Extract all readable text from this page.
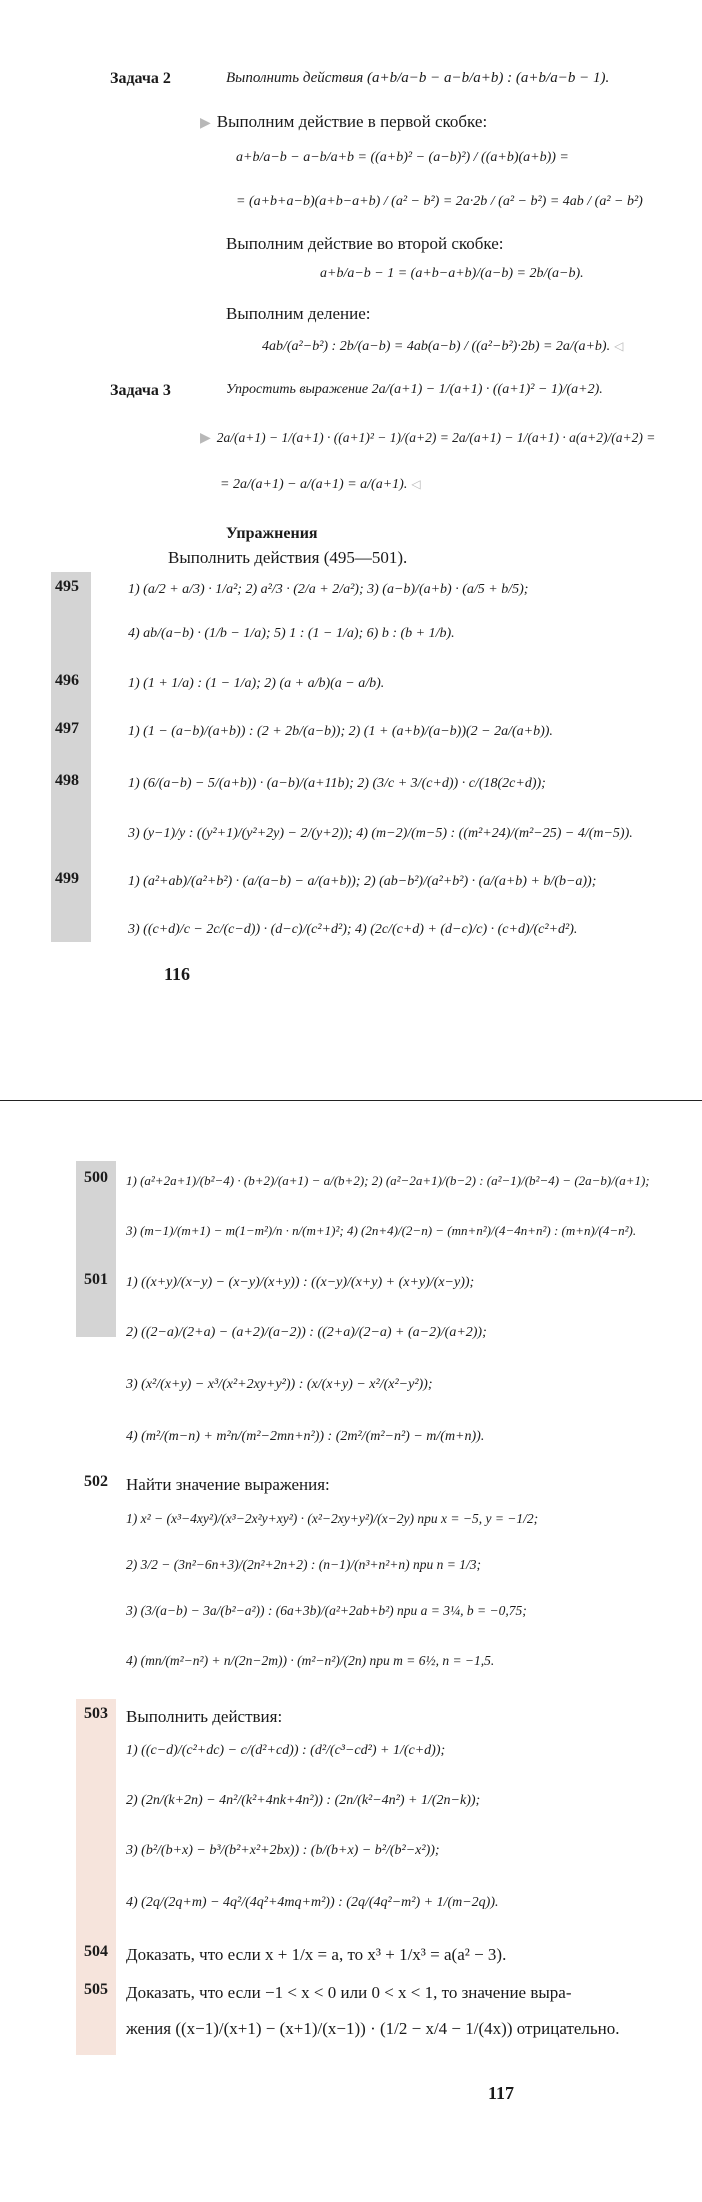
Задача 2	Выполнить действия (a+b/a−b − a−b/a+b) : (a+b/a−b − 1).
▶ Выполним действие в первой скобке:
a+b/a−b − a−b/a+b = ((a+b)² − (a−b)²) / ((a+b)(a+b)) =
= (a+b+a−b)(a+b−a+b) / (a² − b²) = 2a·2b / (a² − b²) = 4ab / (a² − b²)
Выполним действие во второй скобке:
a+b/a−b − 1 = (a+b−a+b)/(a−b) = 2b/(a−b).
Выполним деление:
4ab/(a²−b²) : 2b/(a−b) = 4ab(a−b) / ((a²−b²)·2b) = 2a/(a+b). ◁
Задача 3	Упростить выражение 2a/(a+1) − 1/(a+1) · ((a+1)² − 1)/(a+2).
▶ 2a/(a+1) − 1/(a+1) · ((a+1)² − 1)/(a+2) = 2a/(a+1) − 1/(a+1) · a(a+2)/(a+2) =
= 2a/(a+1) − a/(a+1) = a/(a+1). ◁
Упражнения
Выполнить действия (495—501).
495	1) (a/2 + a/3) · 1/a²; 2) a²/3 · (2/a + 2/a²); 3) (a−b)/(a+b) · (a/5 + b/5);
4) ab/(a−b) · (1/b − 1/a); 5) 1 : (1 − 1/a); 6) b : (b + 1/b).
496	1) (1 + 1/a) : (1 − 1/a); 2) (a + a/b)(a − a/b).
497	1) (1 − (a−b)/(a+b)) : (2 + 2b/(a−b)); 2) (1 + (a+b)/(a−b))(2 − 2a/(a+b)).
498	1) (6/(a−b) − 5/(a+b)) · (a−b)/(a+11b); 2) (3/c + 3/(c+d)) · c/(18(2c+d));
3) (y−1)/y : ((y²+1)/(y²+2y) − 2/(y+2)); 4) (m−2)/(m−5) : ((m²+24)/(m²−25) − 4/(m−5)).
499	1) (a²+ab)/(a²+b²) · (a/(a−b) − a/(a+b)); 2) (ab−b²)/(a²+b²) · (a/(a+b) + b/(b−a));
3) ((c+d)/c − 2c/(c−d)) · (d−c)/(c²+d²); 4) (2c/(c+d) + (d−c)/c) · (c+d)/(c²+d²).
116
500	1) (a²+2a+1)/(b²−4) · (b+2)/(a+1) − a/(b+2); 2) (a²−2a+1)/(b−2) : (a²−1)/(b²−4) − (2a−b)/(a+1);
3) (m−1)/(m+1) − m(1−m²)/n · n/(m+1)²; 4) (2n+4)/(2−n) − (mn+n²)/(4−4n+n²) : (m+n)/(4−n²).
501	1) ((x+y)/(x−y) − (x−y)/(x+y)) : ((x−y)/(x+y) + (x+y)/(x−y));
2) ((2−a)/(2+a) − (a+2)/(a−2)) : ((2+a)/(2−a) + (a−2)/(a+2));
3) (x²/(x+y) − x³/(x²+2xy+y²)) : (x/(x+y) − x²/(x²−y²));
4) (m²/(m−n) + m²n/(m²−2mn+n²)) : (2m²/(m²−n²) − m/(m+n)).
502	Найти значение выражения:
1) x² − (x³−4xy²)/(x³−2x²y+xy²) · (x²−2xy+y²)/(x−2y) при x = −5, y = −1/2;
2) 3/2 − (3n²−6n+3)/(2n²+2n+2) : (n−1)/(n³+n²+n) при n = 1/3;
3) (3/(a−b) − 3a/(b²−a²)) : (6a+3b)/(a²+2ab+b²) при a = 3¼, b = −0,75;
4) (mn/(m²−n²) + n/(2n−2m)) · (m²−n²)/(2n) при m = 6½, n = −1,5.
503	Выполнить действия:
1) ((c−d)/(c²+dc) − c/(d²+cd)) : (d²/(c³−cd²) + 1/(c+d));
2) (2n/(k+2n) − 4n²/(k²+4nk+4n²)) : (2n/(k²−4n²) + 1/(2n−k));
3) (b²/(b+x) − b³/(b²+x²+2bx)) : (b/(b+x) − b²/(b²−x²));
4) (2q/(2q+m) − 4q²/(4q²+4mq+m²)) : (2q/(4q²−m²) + 1/(m−2q)).
504	Доказать, что если x + 1/x = a, то x³ + 1/x³ = a(a² − 3).
505	Доказать, что если −1 < x < 0 или 0 < x < 1, то значение выра-
жения ((x−1)/(x+1) − (x+1)/(x−1)) · (1/2 − x/4 − 1/(4x)) отрицательно.
117
